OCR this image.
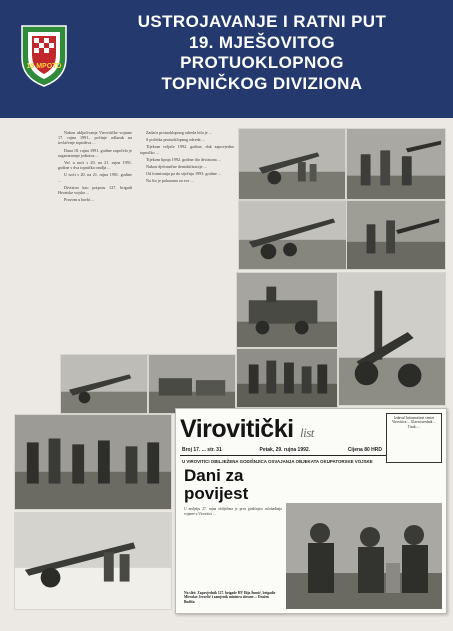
19 MPOTD
USTROJAVANJE I RATNI PUT
19. MJEŠOVITOG
PROTUOKLOPNOG
TOPNIČKOG DIVIZIONA

Nakon uključivanja Virovitičke vojarne 17. rujna 1991., počinje odlazak na izvlačenje topništva ...

Dana 18. rujna 1991. godine započelo je organiziranje jedinica ...

Već u noći s 20. na 21. rujna 1991. godine s dva topnička oruđja ...

U noći s 20. na 21. rujna 1991. godine ...

Divizion kao potporu 127. brigadi Hrvatske vojske ...

Pravom u borbi ...

Zadaća protuoklopnog odreda bila je ...

S početka protuoklopnog odreda ...

Tijekom veljače 1992. godine, dok zapovjedno topničko ...

Tijekom lipnja 1992. godine dio diviziona ...

Nakon djelomične demobilizacije ...

Od formiranja pa do siječnja 1993. godine ...

Na što je pokazano za sve ...

Virovitički list
Broj 17. ... str. 31	Petak, 29. rujna 1992.	Cijena 80 HRD
Izdavač Informativni centar Virovitica ... Glavni urednik ... Tisak: ...
U VIROVITICI OBILJEŽENA GODIŠNJICA OSVAJANJA OBJEKATA OKUPATORSKE VOJSKE
Dani za
povijest
U nedjelju 27. rujna obilježena je prva godišnjica oslobađanja vojarne u Virovitici ...
Na slici: Zapovjednik 127. brigade HV Ilija Šumić, brigadir Miroslav Jerzečić i zamjenik ministra obrane ... Dražen Budiša
